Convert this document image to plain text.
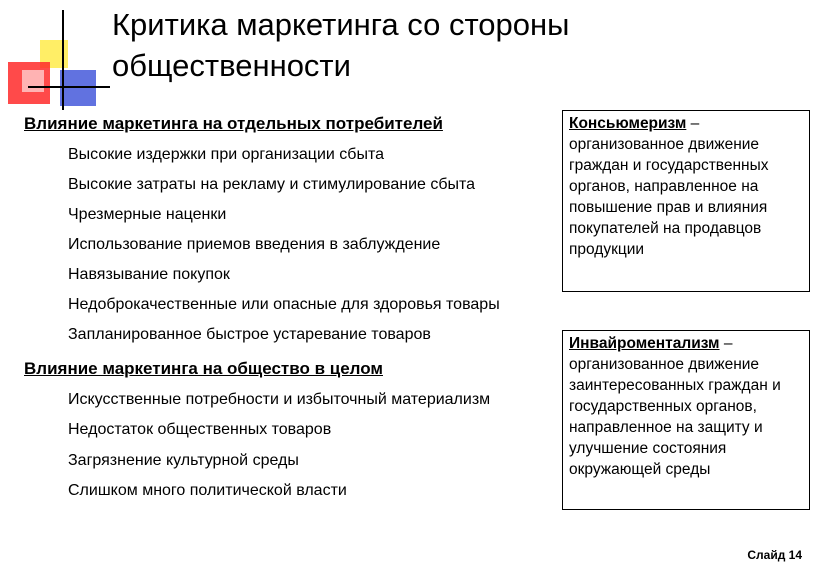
Критика маркетинга со стороны
общественности
Влияние маркетинга на отдельных потребителей
Высокие издержки при организации сбыта
Высокие затраты на рекламу и стимулирование сбыта
Чрезмерные наценки
Использование приемов введения в заблуждение
Навязывание покупок
Недоброкачественные или опасные для здоровья товары
Запланированное быстрое устаревание товаров
Влияние маркетинга на общество в целом
Искусственные потребности и избыточный материализм
Недостаток общественных товаров
Загрязнение культурной среды
Слишком много политической власти
Консьюмеризм – организованное движение граждан и государственных органов, направленное на повышение прав и влияния покупателей на продавцов продукции
Инвайроментализм – организованное движение заинтересованных граждан и государственных органов, направленное на защиту и улучшение состояния окружающей среды
Слайд 14
